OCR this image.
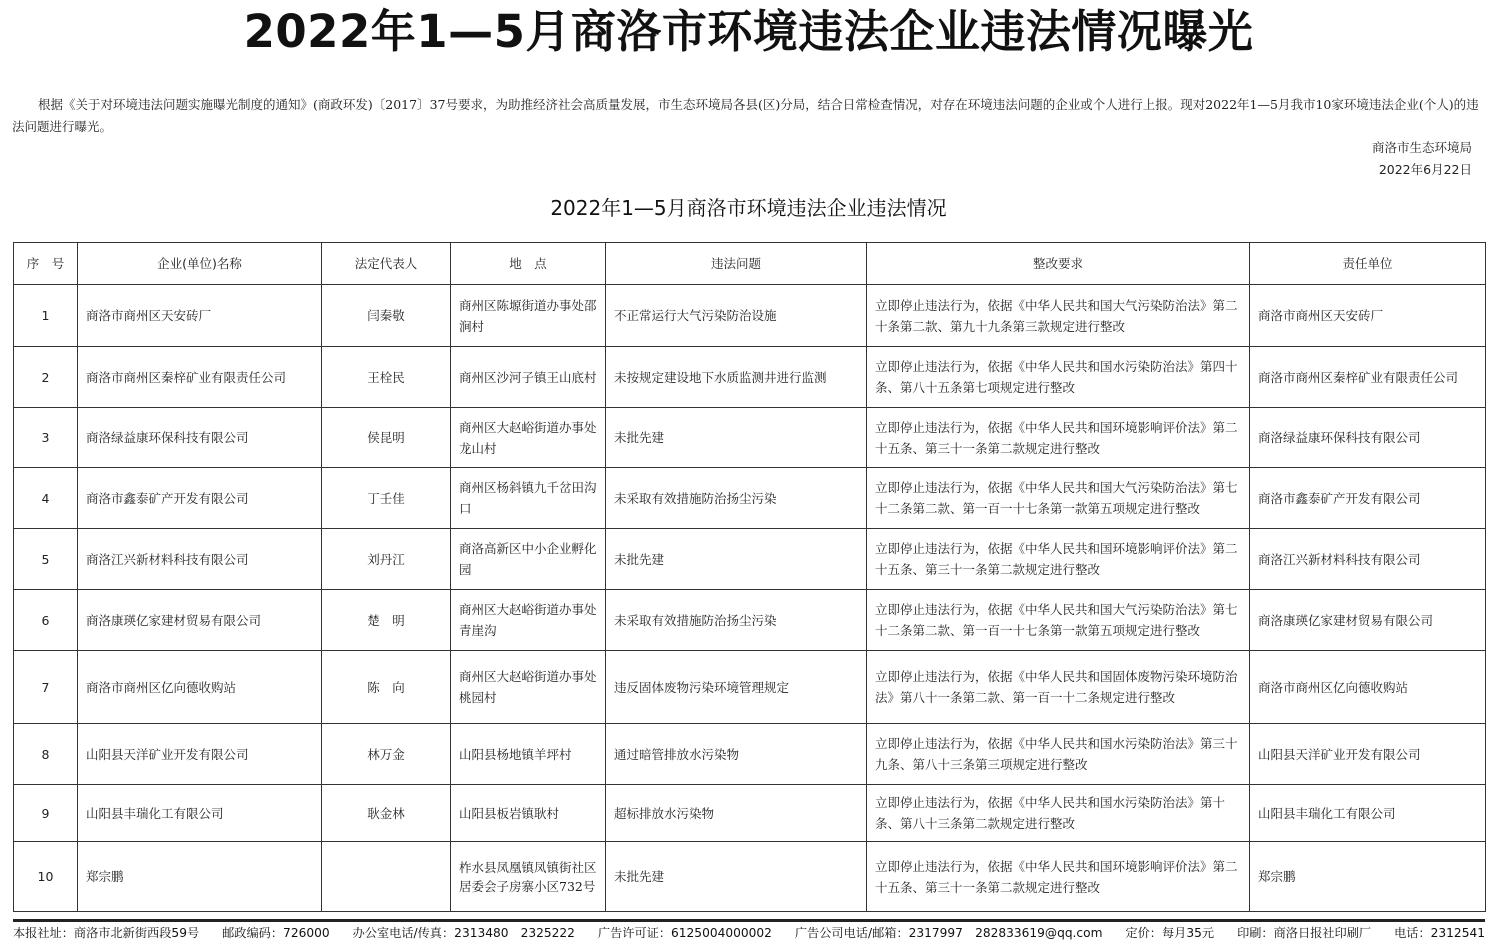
2022年1—5月商洛市环境违法企业违法情况曝光
根据《关于对环境违法问题实施曝光制度的通知》(商政环发)〔2017〕37号要求，为助推经济社会高质量发展，市生态环境局各县(区)分局，结合日常检查情况，对存在环境违法问题的企业或个人进行上报。现对2022年1—5月我市10家环境违法企业(个人)的违法问题进行曝光。
商洛市生态环境局
2022年6月22日
2022年1—5月商洛市环境违法企业违法情况
序　号	企业(单位)名称	法定代表人	地　点	违法问题	整改要求	责任单位
1	商洛市商州区天安砖厂	闫秦敬	商州区陈塬街道办事处邵涧村	不正常运行大气污染防治设施	立即停止违法行为，依据《中华人民共和国大气污染防治法》第二十条第二款、第九十九条第三款规定进行整改	商洛市商州区天安砖厂
2	商洛市商州区秦梓矿业有限责任公司	王栓民	商州区沙河子镇王山底村	未按规定建设地下水质监测井进行监测	立即停止违法行为，依据《中华人民共和国水污染防治法》第四十条、第八十五条第七项规定进行整改	商洛市商州区秦梓矿业有限责任公司
3	商洛绿益康环保科技有限公司	侯昆明	商州区大赵峪街道办事处龙山村	未批先建	立即停止违法行为，依据《中华人民共和国环境影响评价法》第二十五条、第三十一条第二款规定进行整改	商洛绿益康环保科技有限公司
4	商洛市鑫泰矿产开发有限公司	丁壬佳	商州区杨斜镇九千岔田沟口	未采取有效措施防治扬尘污染	立即停止违法行为，依据《中华人民共和国大气污染防治法》第七十二条第二款、第一百一十七条第一款第五项规定进行整改	商洛市鑫泰矿产开发有限公司
5	商洛江兴新材料科技有限公司	刘丹江	商洛高新区中小企业孵化园	未批先建	立即停止违法行为，依据《中华人民共和国环境影响评价法》第二十五条、第三十一条第二款规定进行整改	商洛江兴新材料科技有限公司
6	商洛康瑛亿家建材贸易有限公司	楚　明	商州区大赵峪街道办事处青崖沟	未采取有效措施防治扬尘污染	立即停止违法行为，依据《中华人民共和国大气污染防治法》第七十二条第二款、第一百一十七条第一款第五项规定进行整改	商洛康瑛亿家建材贸易有限公司
7	商洛市商州区亿向德收购站	陈　向	商州区大赵峪街道办事处桃园村	违反固体废物污染环境管理规定	立即停止违法行为，依据《中华人民共和国固体废物污染环境防治法》第八十一条第二款、第一百一十二条规定进行整改	商洛市商州区亿向德收购站
8	山阳县天洋矿业开发有限公司	林万金	山阳县杨地镇羊坪村	通过暗管排放水污染物	立即停止违法行为，依据《中华人民共和国水污染防治法》第三十九条、第八十三条第三项规定进行整改	山阳县天洋矿业开发有限公司
9	山阳县丰瑞化工有限公司	耿金林	山阳县板岩镇耿村	超标排放水污染物	立即停止违法行为，依据《中华人民共和国水污染防治法》第十条、第八十三条第二款规定进行整改	山阳县丰瑞化工有限公司
10	郑宗鹏		柞水县凤凰镇凤镇街社区居委会子房寨小区732号	未批先建	立即停止违法行为，依据《中华人民共和国环境影响评价法》第二十五条、第三十一条第二款规定进行整改	郑宗鹏
本报社址：商洛市北新街西段59号 邮政编码：726000 办公室电话/传真：2313480　2325222 广告许可证：6125004000002 广告公司电话/邮箱：2317997　282833619@qq.com 定价：每月35元 印刷：商洛日报社印刷厂 电话：2312541
